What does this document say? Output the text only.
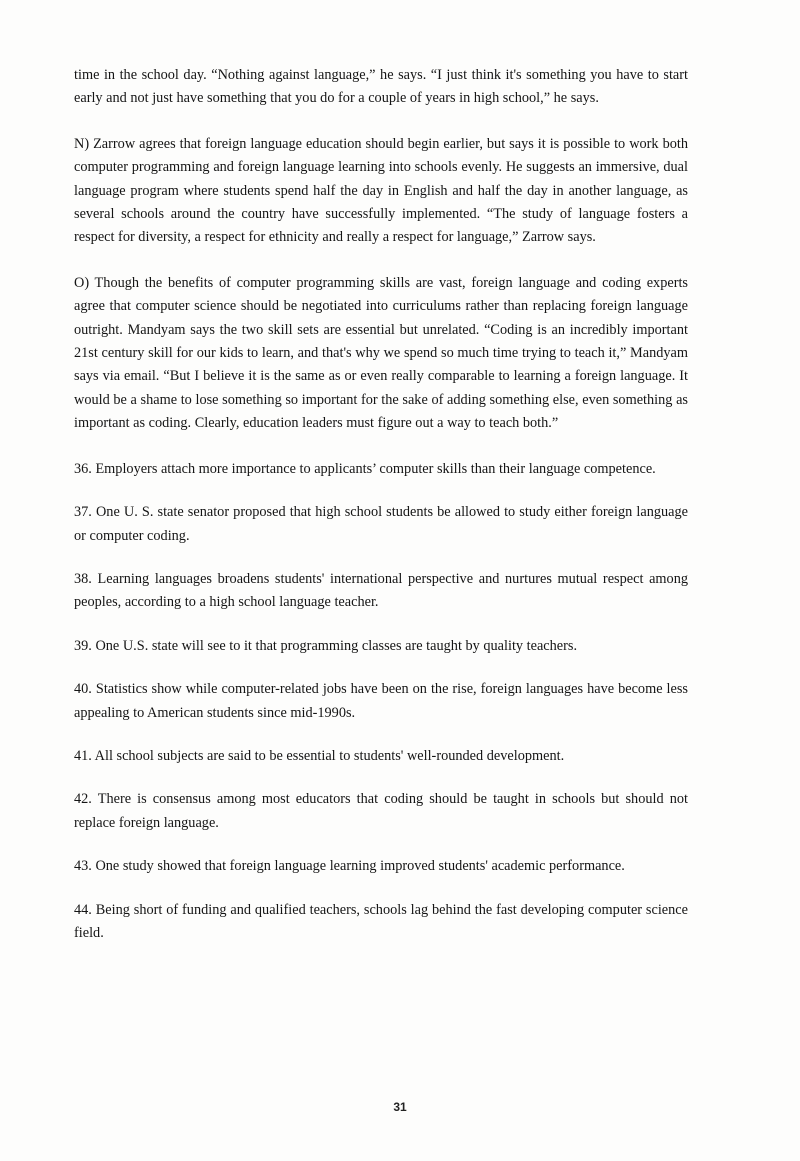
time in the school day. “Nothing against language,” he says. “I just think it's something you have to start early and not just have something that you do for a couple of years in high school,” he says.

N) Zarrow agrees that foreign language education should begin earlier, but says it is possible to work both computer programming and foreign language learning into schools evenly. He suggests an immersive, dual language program where students spend half the day in English and half the day in another language, as several schools around the country have successfully implemented. “The study of language fosters a respect for diversity, a respect for ethnicity and really a respect for language,” Zarrow says.

O) Though the benefits of computer programming skills are vast, foreign language and coding experts agree that computer science should be negotiated into curriculums rather than replacing foreign language outright. Mandyam says the two skill sets are essential but unrelated. “Coding is an incredibly important 21st century skill for our kids to learn, and that's why we spend so much time trying to teach it,” Mandyam says via email. “But I believe it is the same as or even really comparable to learning a foreign language. It would be a shame to lose something so important for the sake of adding something else, even something as important as coding. Clearly, education leaders must figure out a way to teach both.”

36. Employers attach more importance to applicants’ computer skills than their language competence.

37. One U. S. state senator proposed that high school students be allowed to study either foreign language or computer coding.

38. Learning languages broadens students' international perspective and nurtures mutual respect among peoples, according to a high school language teacher.

39. One U.S. state will see to it that programming classes are taught by quality teachers.

40. Statistics show while computer-related jobs have been on the rise, foreign languages have become less appealing to American students since mid-1990s.

41. All school subjects are said to be essential to students' well-rounded development.

42. There is consensus among most educators that coding should be taught in schools but should not replace foreign language.

43. One study showed that foreign language learning improved students' academic performance.

44. Being short of funding and qualified teachers, schools lag behind the fast developing computer science field.

31
